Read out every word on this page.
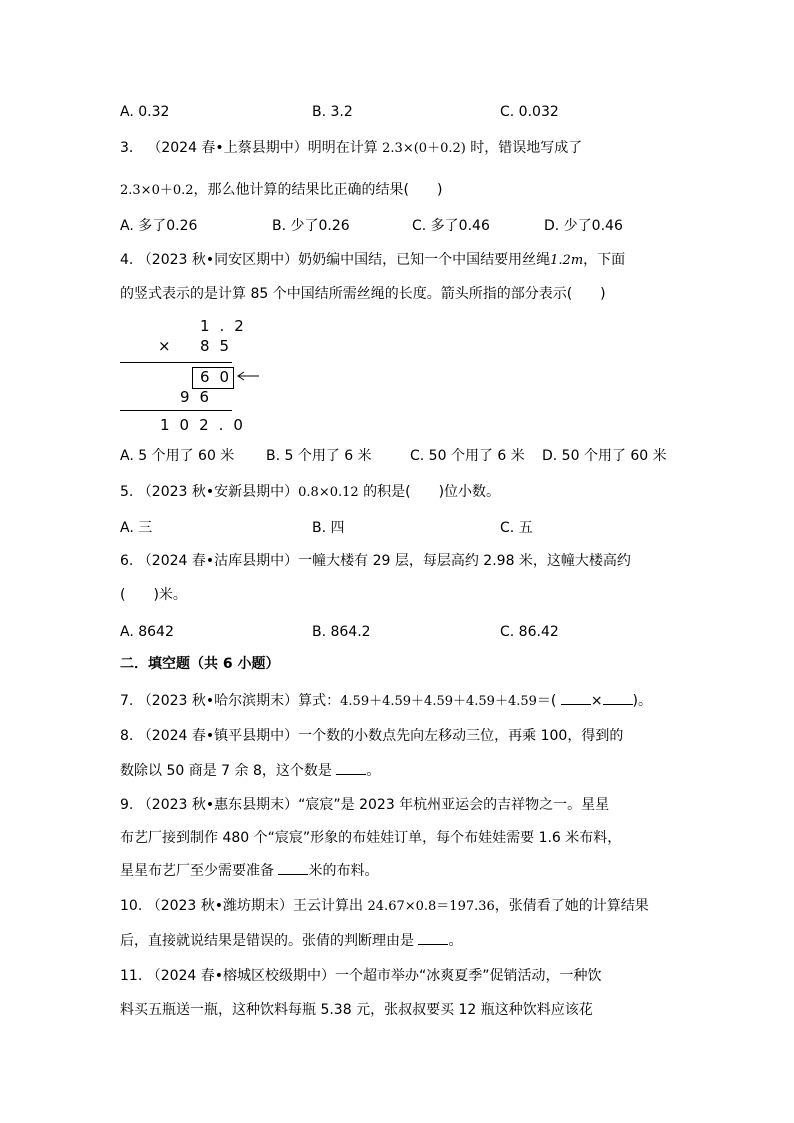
A. 0.32	B. 3.2	C. 0.032
3． （2024 春•上蔡县期中）明明在计算 2.3×(0＋0.2) 时，错误地写成了
2.3×0＋0.2，那么他计算的结果比正确的结果(　　)
A. 多了0.26	B. 少了0.26	C. 多了0.46	D. 少了0.46
4. （2023 秋•同安区期中）奶奶编中国结，已知一个中国结要用丝绳1.2m，下面
的竖式表示的是计算 85 个中国结所需丝绳的长度。箭头所指的部分表示(　　)
1.2
× 85
60
96
102.0
A. 5 个用了 60 米 B. 5 个用了 6 米	C. 50 个用了 6 米 D. 50 个用了 60 米
5. （2023 秋•安新县期中）0.8×0.12 的积是(　　)位小数。
A. 三	B. 四	C. 五
6. （2024 春•沽库县期中）一幢大楼有 29 层，每层高约 2.98 米，这幢大楼高约
(　　)米。
A. 8642	B. 864.2	C. 86.42
二．填空题（共 6 小题）
7. （2023 秋•哈尔滨期末）算式：4.59＋4.59＋4.59＋4.59＋4.59＝( × )。
8. （2024 春•镇平县期中）一个数的小数点先向左移动三位，再乘 100，得到的
数除以 50 商是 7 余 8，这个数是 。
9. （2023 秋•惠东县期末）“宸宸”是 2023 年杭州亚运会的吉祥物之一。星星
布艺厂接到制作 480 个“宸宸”形象的布娃娃订单，每个布娃娃需要 1.6 米布料，
星星布艺厂至少需要准备 米的布料。
10. （2023 秋•潍坊期末）王云计算出 24.67×0.8＝197.36，张倩看了她的计算结果
后，直接就说结果是错误的。张倩的判断理由是 。
11. （2024 春•榕城区校级期中）一个超市举办“冰爽夏季”促销活动，一种饮
料买五瓶送一瓶，这种饮料每瓶 5.38 元，张叔叔要买 12 瓶这种饮料应该花
